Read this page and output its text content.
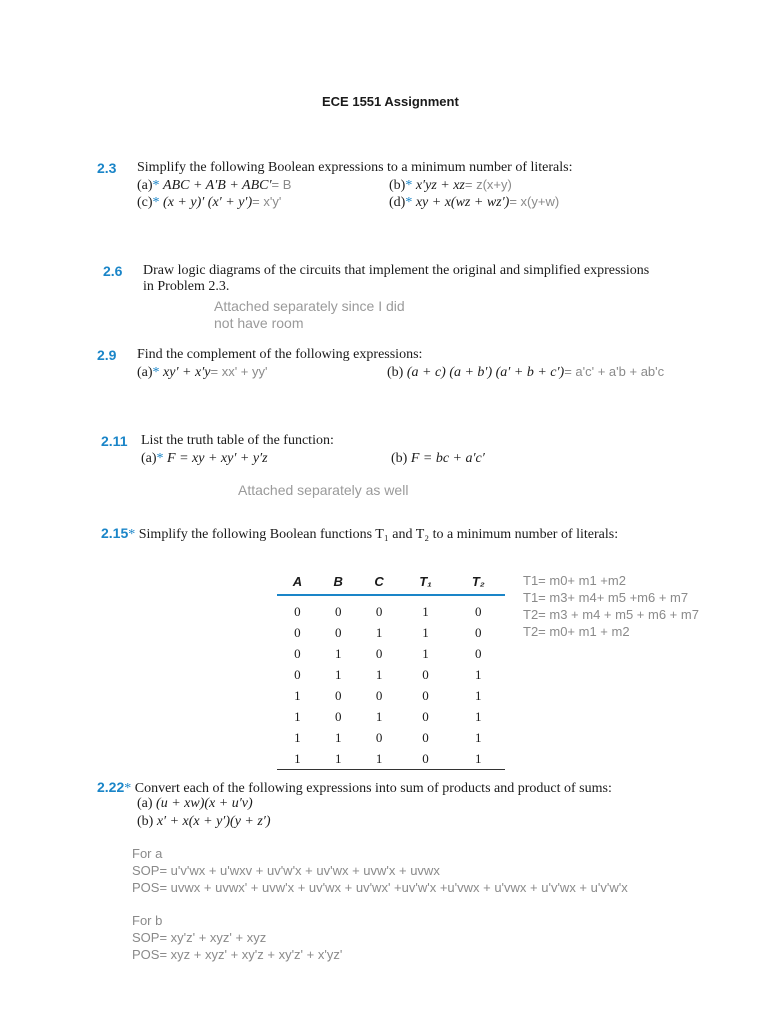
ECE 1551 Assignment
2.3 Simplify the following Boolean expressions to a minimum number of literals:
(a)* ABC + A′B + ABC′= B	(b)* x′yz + xz= z(x+y)
(c)* (x + y)′ (x′ + y′)= x'y'	(d)* xy + x(wz + wz′)= x(y+w)
2.6 Draw logic diagrams of the circuits that implement the original and simplified expressions
in Problem 2.3.
Attached separately since I did
not have room
2.9 Find the complement of the following expressions:
(a)* xy′ + x′y= xx' + yy'	(b) (a + c) (a + b′) (a′ + b + c′)= a'c' + a'b + ab'c
2.11 List the truth table of the function:
(a)* F = xy + xy′ + y′z	(b) F = bc + a′c′
Attached separately as well
2.15* Simplify the following Boolean functions T₁ and T₂ to a minimum number of literals:
A	B	C	T₁	T₂
0	0	0	1	0
0	0	1	1	0
0	1	0	1	0
0	1	1	0	1
1	0	0	0	1
1	0	1	0	1
1	1	0	0	1
1	1	1	0	1
T1= m0+ m1 +m2
T1= m3+ m4+ m5 +m6 + m7
T2= m3 + m4 + m5 + m6 + m7
T2= m0+ m1 + m2
2.22* Convert each of the following expressions into sum of products and product of sums:
(a) (u + xw)(x + u′v)
(b) x′ + x(x + y′)(y + z′)
For a
SOP= u'v'wx + u'wxv + uv'w'x + uv'wx + uvw'x + uvwx
POS= uvwx + uvwx' + uvw'x + uv'wx + uv'wx' +uv'w'x +u'vwx + u'vwx + u'v'wx + u'v'w'x
For b
SOP= xy'z' + xyz' + xyz
POS= xyz + xyz' + xy'z + xy'z' + x'yz'
